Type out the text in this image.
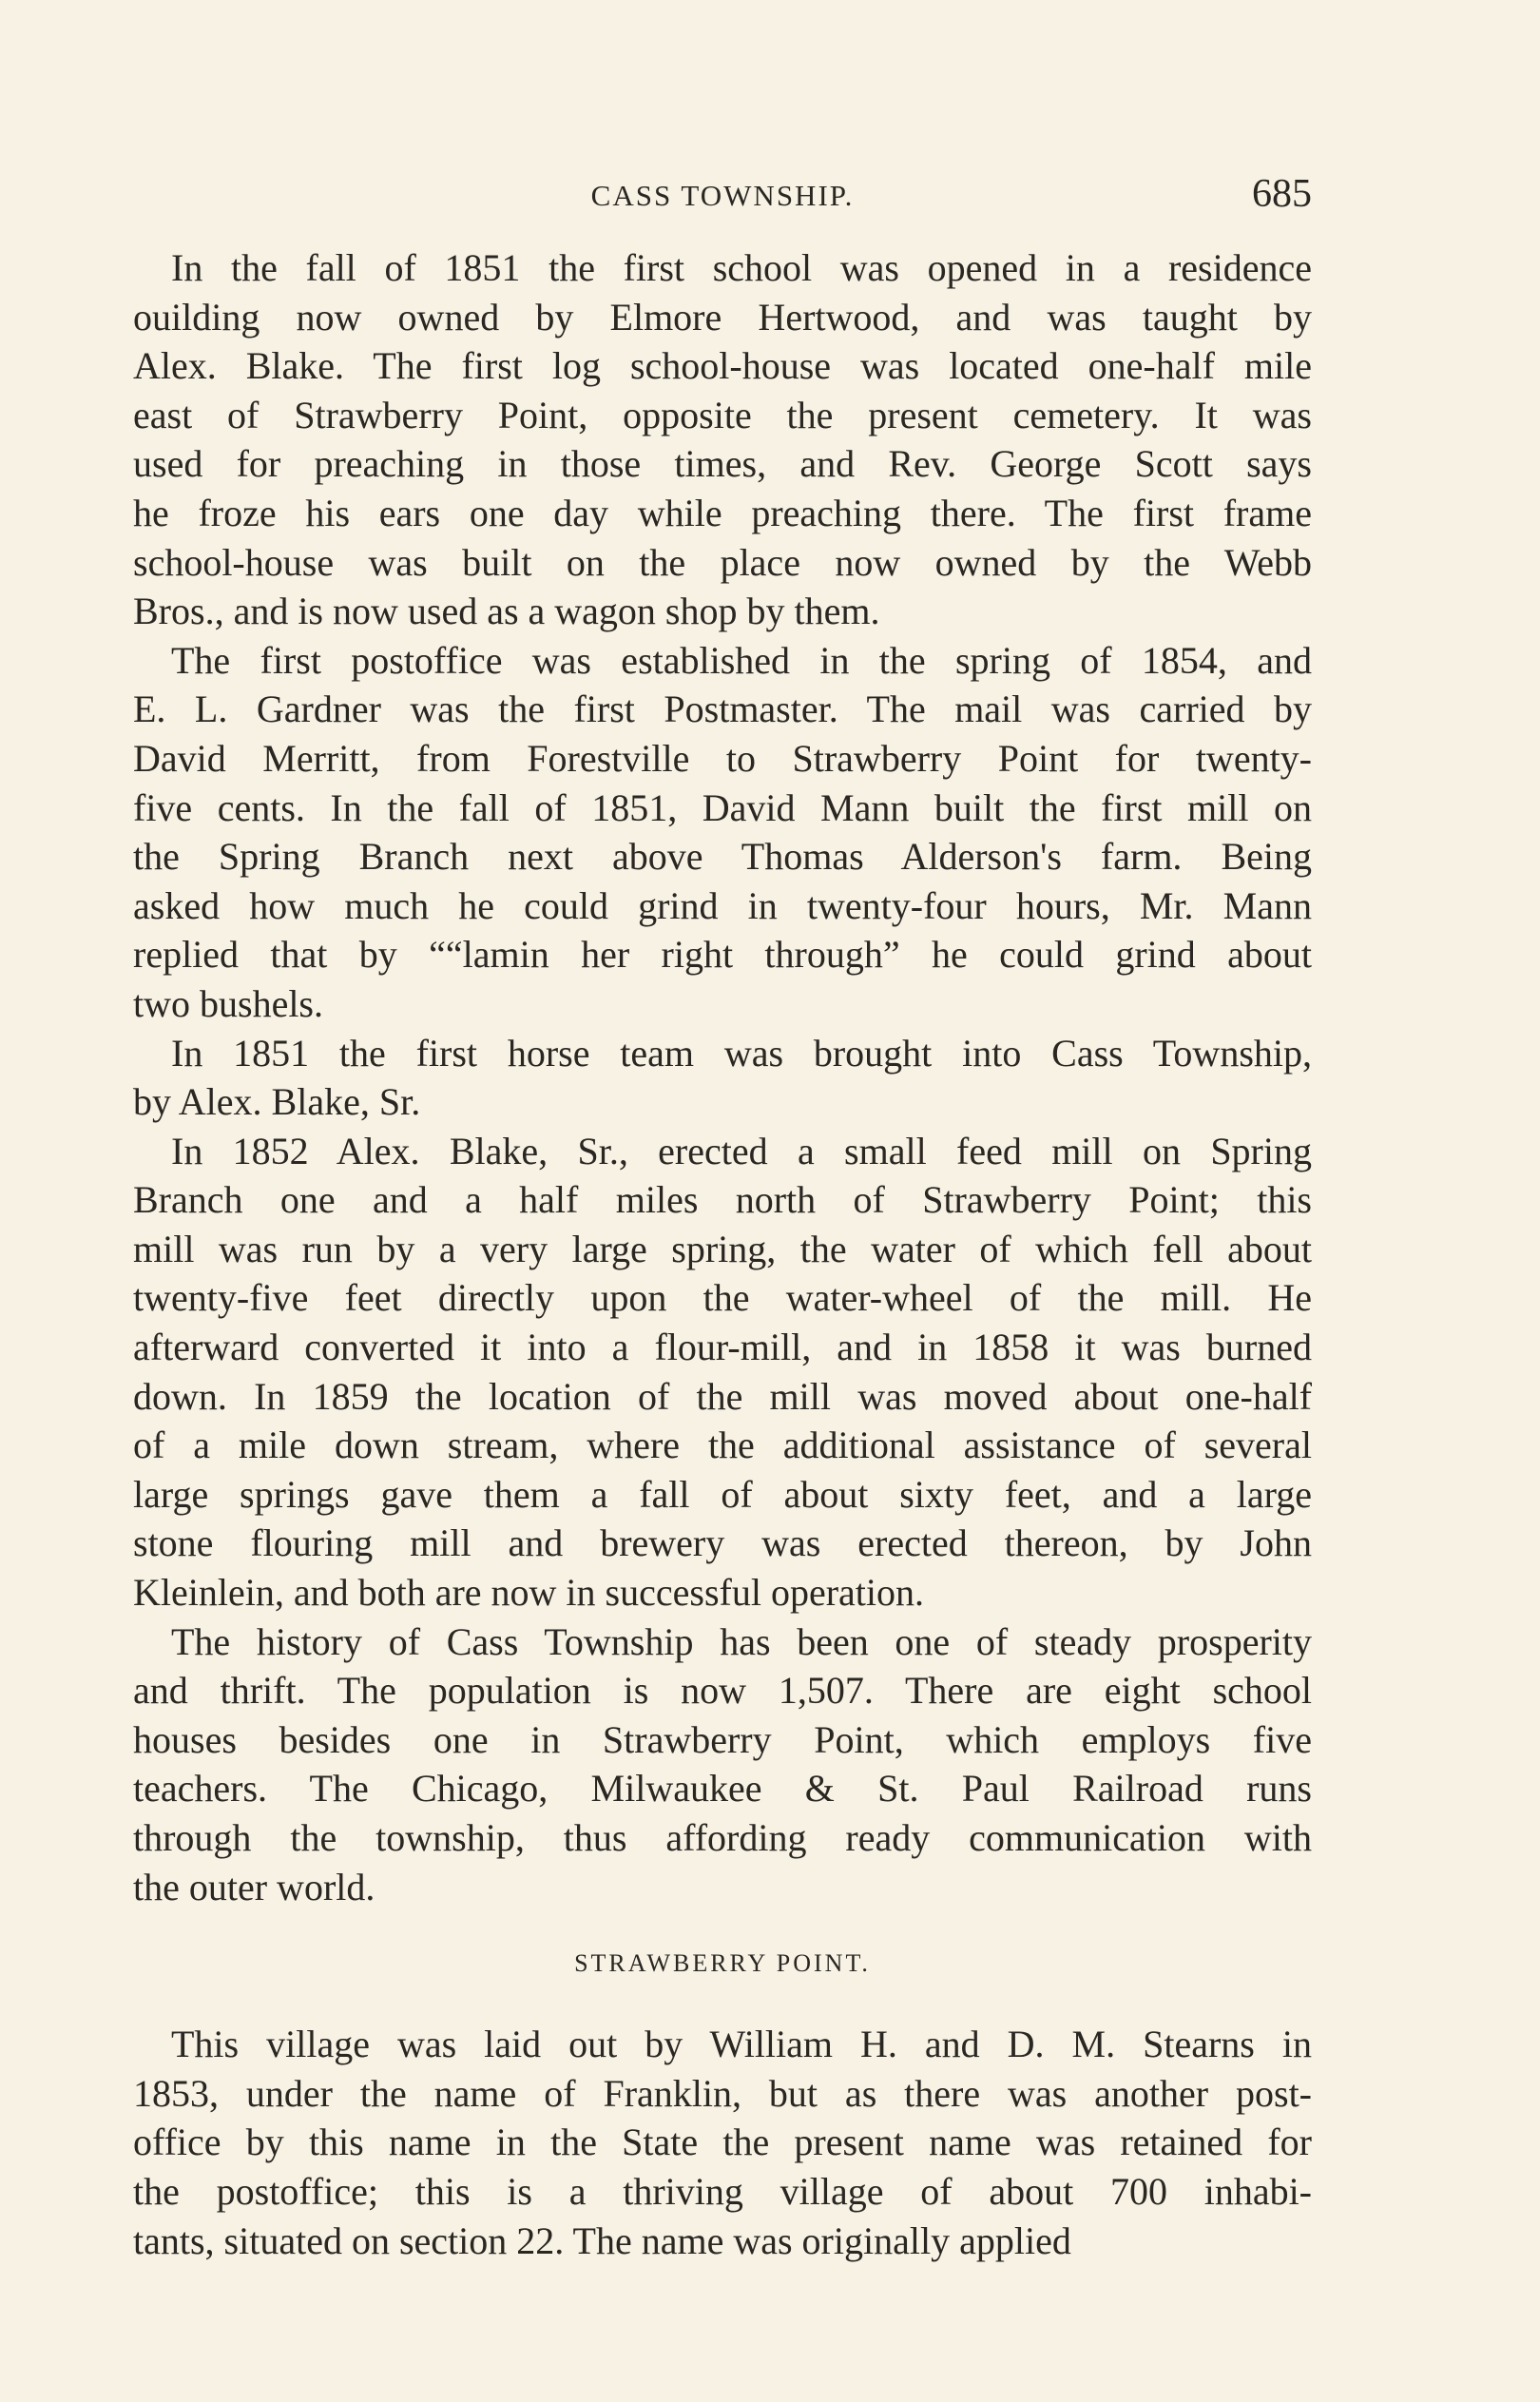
CASS TOWNSHIP.	685
In the fall of 1851 the first school was opened in a residence
ouilding now owned by Elmore Hertwood, and was taught by
Alex. Blake. The first log school-house was located one-half mile
east of Strawberry Point, opposite the present cemetery. It was
used for preaching in those times, and Rev. George Scott says
he froze his ears one day while preaching there. The first frame
school-house was built on the place now owned by the Webb
Bros., and is now used as a wagon shop by them.
The first postoffice was established in the spring of 1854, and
E. L. Gardner was the first Postmaster. The mail was carried by
David Merritt, from Forestville to Strawberry Point for twenty-
five cents. In the fall of 1851, David Mann built the first mill on
the Spring Branch next above Thomas Alderson's farm. Being
asked how much he could grind in twenty-four hours, Mr. Mann
replied that by ““lamin her right through” he could grind about
two bushels.
In 1851 the first horse team was brought into Cass Township,
by Alex. Blake, Sr.
In 1852 Alex. Blake, Sr., erected a small feed mill on Spring
Branch one and a half miles north of Strawberry Point; this
mill was run by a very large spring, the water of which fell about
twenty-five feet directly upon the water-wheel of the mill. He
afterward converted it into a flour-mill, and in 1858 it was burned
down. In 1859 the location of the mill was moved about one-half
of a mile down stream, where the additional assistance of several
large springs gave them a fall of about sixty feet, and a large
stone flouring mill and brewery was erected thereon, by John
Kleinlein, and both are now in successful operation.
The history of Cass Township has been one of steady prosperity
and thrift. The population is now 1,507. There are eight school
houses besides one in Strawberry Point, which employs five
teachers. The Chicago, Milwaukee & St. Paul Railroad runs
through the township, thus affording ready communication with
the outer world.
STRAWBERRY POINT.
This village was laid out by William H. and D. M. Stearns in
1853, under the name of Franklin, but as there was another post-
office by this name in the State the present name was retained for
the postoffice; this is a thriving village of about 700 inhabi-
tants, situated on section 22. The name was originally applied
